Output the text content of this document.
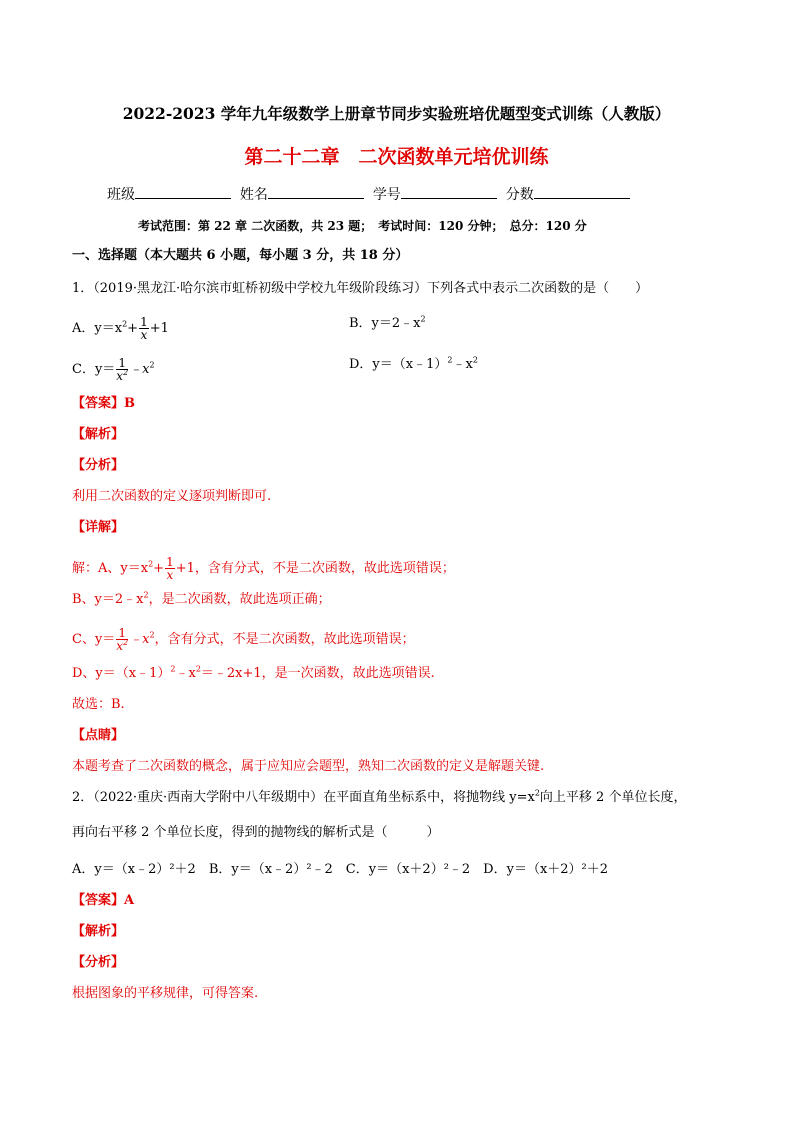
2022-2023 学年九年级数学上册章节同步实验班培优题型变式训练（人教版）
第二十二章　二次函数单元培优训练
班级	姓名	学号	分数
考试范围：第 22 章 二次函数，共 23 题；　考试时间：120 分钟；　总分：120 分
一、选择题（本大题共 6 小题，每小题 3 分，共 18 分）
1．（2019·黑龙江·哈尔滨市虹桥初级中学校九年级阶段练习）下列各式中表示二次函数的是（　　）
A．$y=x^2+ \frac{1}{x} +1$	B．$y=2﹣x^2$
C．$y= \frac{1}{x^2}$ $﹣x^2$	D．$y=(x﹣1)^2﹣x^2$
【答案】B
【解析】
【分析】
利用二次函数的定义逐项判断即可.
【详解】
解：A、$y=x^2+ \frac{1}{x} +1$，含有分式，不是二次函数，故此选项错误；
B、$y=2﹣x^2$，是二次函数，故此选项正确；
C、$y= \frac{1}{x^2}$ $﹣x^2$，含有分式，不是二次函数，故此选项错误；
D、$y=(x﹣1)^2﹣x^2=﹣2x+1$，是一次函数，故此选项错误.
故选：B.
【点睛】
本题考查了二次函数的概念，属于应知应会题型，熟知二次函数的定义是解题关键.
2．（2022·重庆·西南大学附中八年级期中）在平面直角坐标系中，将抛物线 $y=x^2$向上平移 2 个单位长度，
再向右平移 2 个单位长度，得到的抛物线的解析式是（　　　）
A．y＝（x﹣2）²＋2　B．y＝（x﹣2）²﹣2　C．y＝（x＋2）²﹣2　D．y＝（x＋2）²＋2
【答案】A
【解析】
【分析】
根据图象的平移规律，可得答案.
